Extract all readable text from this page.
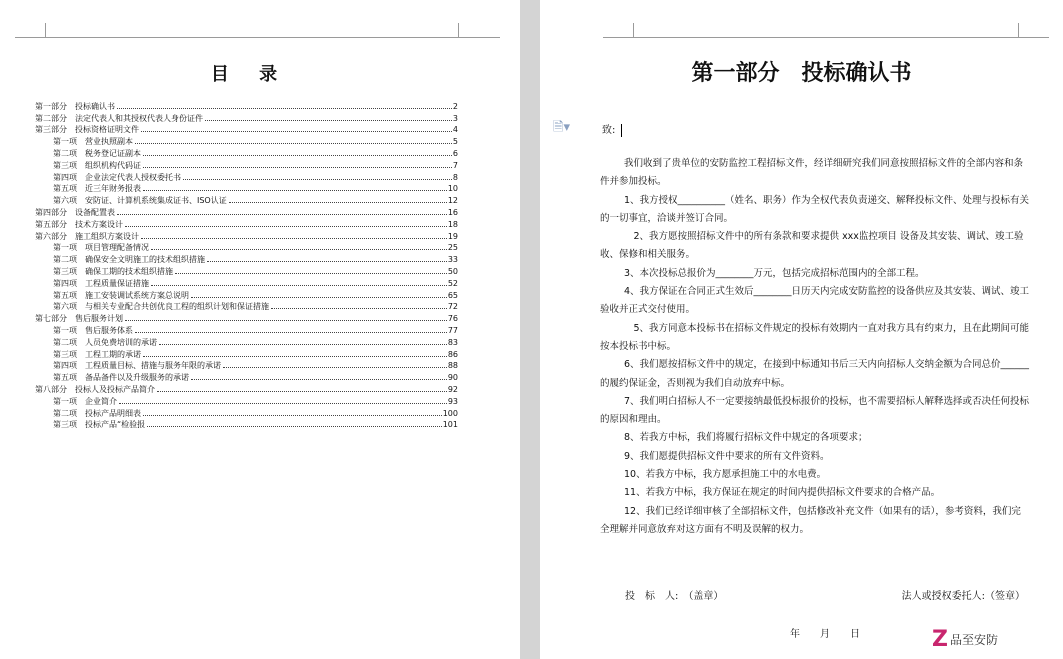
目 录
第一部分　投标确认书	2
第二部分　法定代表人和其授权代表人身份证件	3
第三部分　投标资格证明文件	4
第一项　营业执照副本	5
第二项　税务登记证副本	6
第三项　组织机构代码证	7
第四项　企业法定代表人授权委托书	8
第五项　近三年财务报表	10
第六项　安防证、计算机系统集成证书、ISO认证	12
第四部分　设备配置表	16
第五部分　技术方案设计	18
第六部分　施工组织方案设计	19
第一项　项目管理配备情况	25
第二项　确保安全文明施工的技术组织措施	33
第三项　确保工期的技术组织措施	50
第四项　工程质量保证措施	52
第五项　施工安装调试系统方案总说明	65
第六项　与相关专业配合共创优良工程的组织计划和保证措施	72
第七部分　售后服务计划	76
第一项　售后服务体系	77
第二项　人员免费培训的承诺	83
第三项　工程工期的承诺	86
第四项　工程质量目标、措施与服务年限的承诺	88
第五项　备品备件以及升级服务的承诺	90
第八部分　投标人及投标产品简介	92
第一项　企业简介	93
第二项　投标产品明细表	100
第三项　投标产品“检验报	101
第一部分　投标确认书
🗎▾	致:

我们收到了贵单位的安防监控工程招标文件，经详细研究我们同意按照招标文件的全部内容和条件并参加投标。

1、我方授权__________（姓名、职务）作为全权代表负责递交、解释投标文件、处理与投标有关的一切事宜，洽谈并签订合同。

　2、我方愿按照招标文件中的所有条款和要求提供 xxx监控项目 设备及其安装、调试、竣工验收、保修和相关服务。

3、本次投标总报价为________万元，包括完成招标范围内的全部工程。

4、我方保证在合同正式生效后________日历天内完成安防监控的设备供应及其安装、调试、竣工验收并正式交付使用。

　5、我方同意本投标书在招标文件规定的投标有效期内一直对我方具有约束力，且在此期间可能按本投标书中标。

6、我们愿按招标文件中的规定，在接到中标通知书后三天内向招标人交纳金额为合同总价______的履约保证金，否则视为我们自动放弃中标。

7、我们明白招标人不一定要接纳最低投标报价的投标，也不需要招标人解释选择或否决任何投标的原因和理由。

8、若我方中标，我们将履行招标文件中规定的各项要求；

9、我们愿提供招标文件中要求的所有文件资料。

10、若我方中标，我方愿承担施工中的水电费。

11、若我方中标，我方保证在规定的时间内提供招标文件要求的合格产品。

12、我们已经详细审核了全部招标文件，包括修改补充文件（如果有的话），参考资料，我们完全理解并同意放弃对这方面有不明及误解的权力。

投　标　人:　（盖章）	法人或授权委托人:（签章）
年　　月　　日	Z 品至安防
